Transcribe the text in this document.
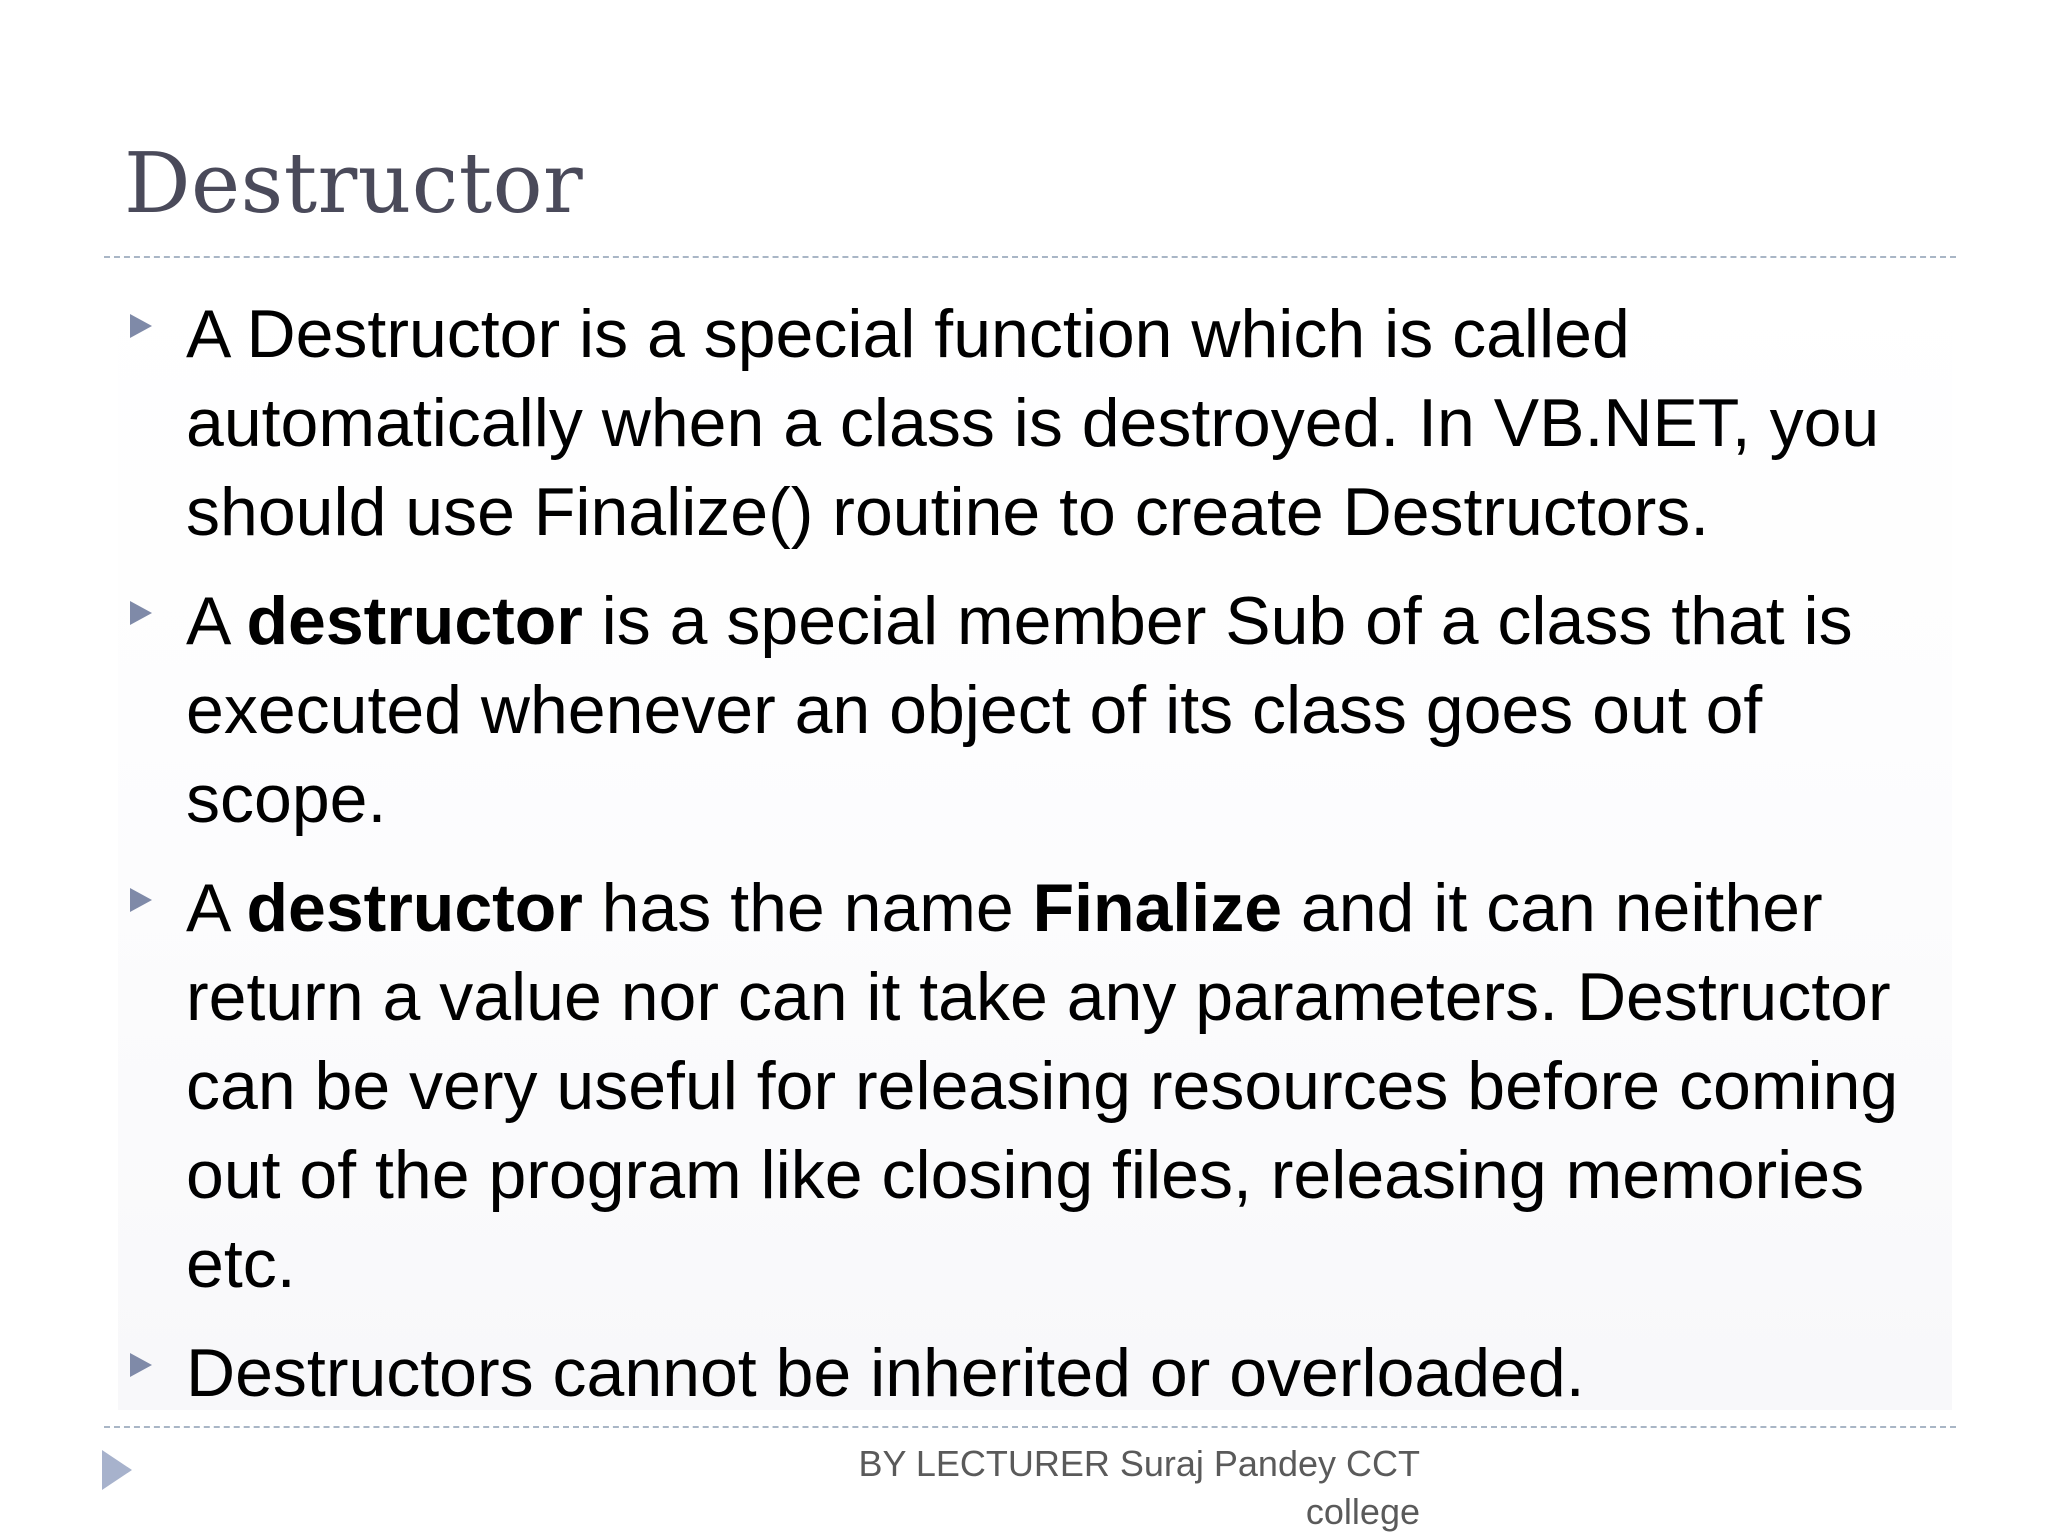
Destructor
A Destructor is a special function which is called automatically when a class is destroyed. In VB.NET, you should use Finalize() routine to create Destructors.
A destructor is a special member Sub of a class that is executed whenever an object of its class goes out of scope.
A destructor has the name Finalize and it can neither return a value nor can it take any parameters. Destructor can be very useful for releasing resources before coming out of the program like closing files, releasing memories etc.
Destructors cannot be inherited or overloaded.
BY LECTURER Suraj Pandey CCT
college
